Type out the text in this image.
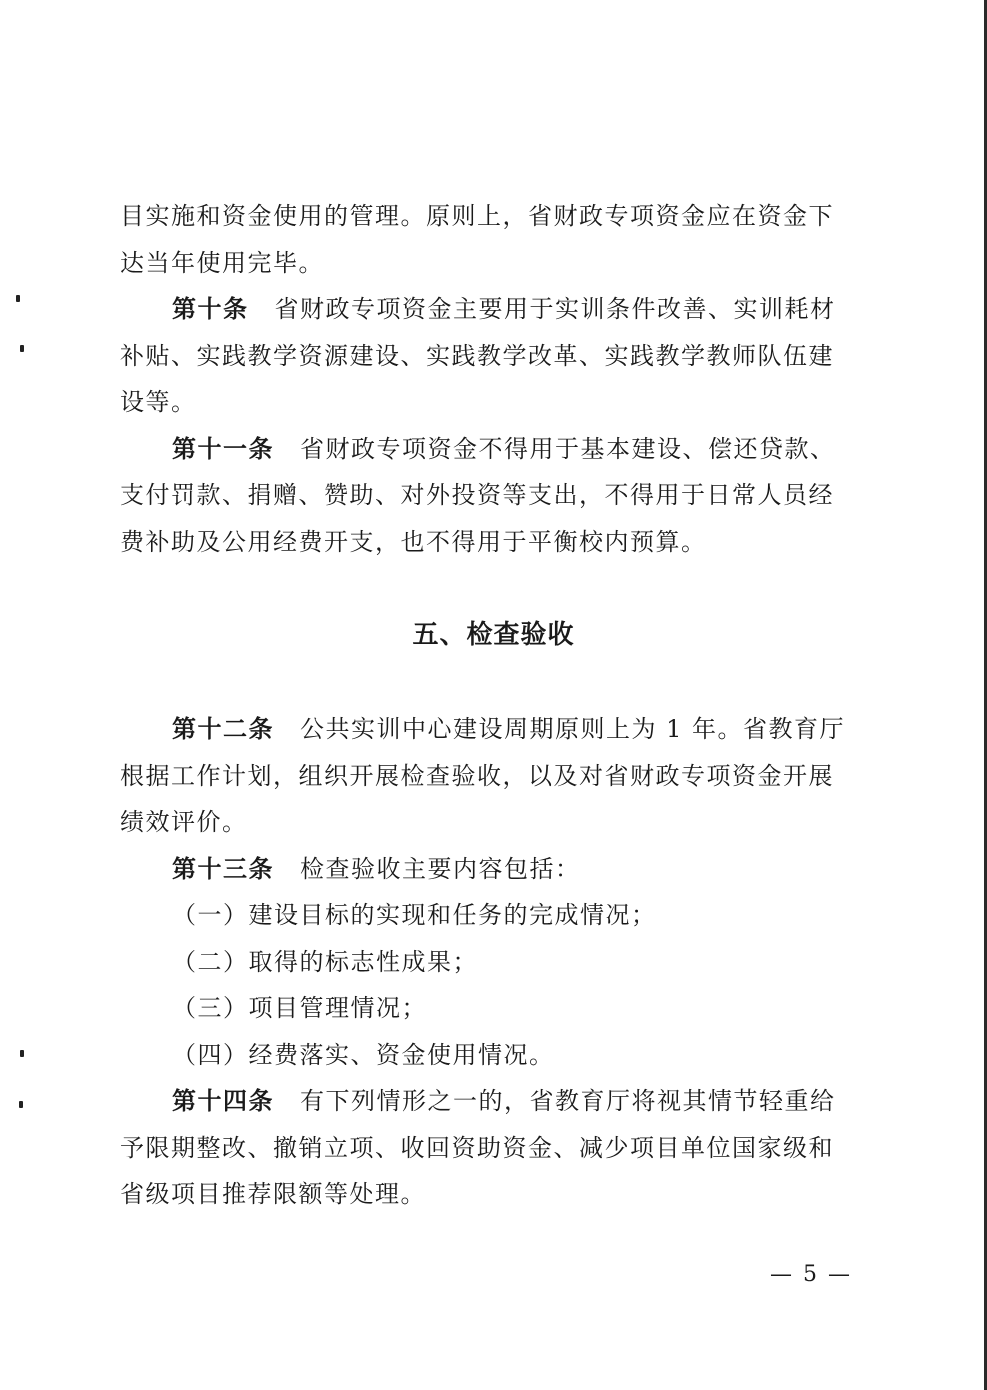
目实施和资金使用的管理。原则上，省财政专项资金应在资金下
达当年使用完毕。
第十条 省财政专项资金主要用于实训条件改善、实训耗材
补贴、实践教学资源建设、实践教学改革、实践教学教师队伍建
设等。
第十一条 省财政专项资金不得用于基本建设、偿还贷款、
支付罚款、捐赠、赞助、对外投资等支出，不得用于日常人员经
费补助及公用经费开支，也不得用于平衡校内预算。
五、检查验收
第十二条 公共实训中心建设周期原则上为 1 年。省教育厅
根据工作计划，组织开展检查验收，以及对省财政专项资金开展
绩效评价。
第十三条 检查验收主要内容包括：
（一）建设目标的实现和任务的完成情况；
（二）取得的标志性成果；
（三）项目管理情况；
（四）经费落实、资金使用情况。
第十四条 有下列情形之一的，省教育厅将视其情节轻重给
予限期整改、撤销立项、收回资助资金、减少项目单位国家级和
省级项目推荐限额等处理。
— 5 —
